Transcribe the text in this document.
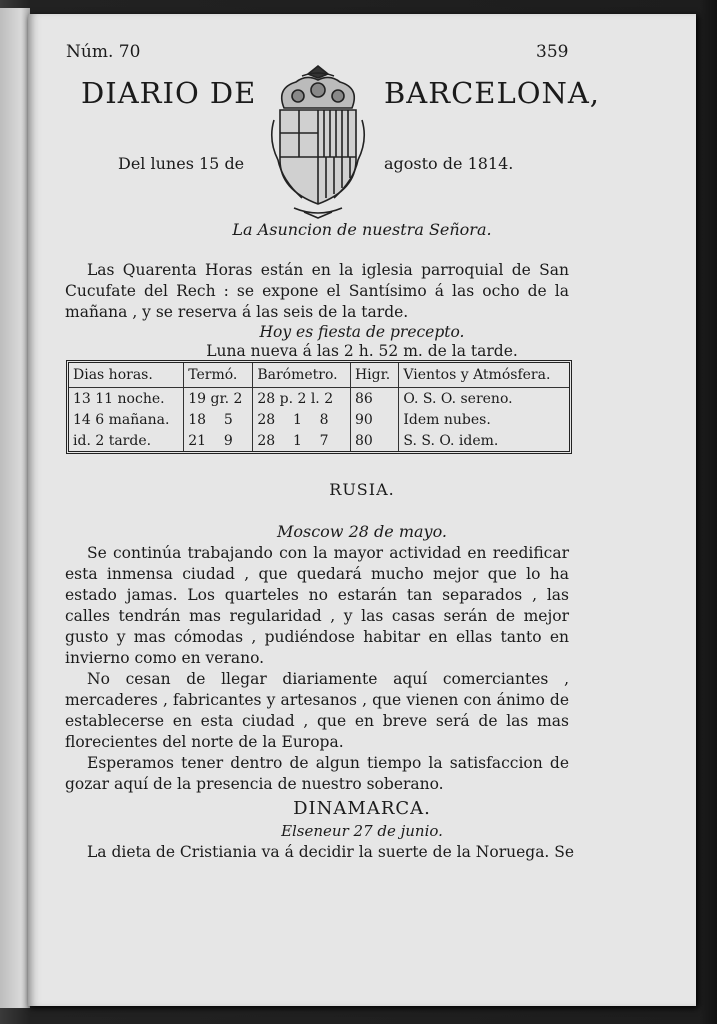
Núm. 70	359
DIARIO DE	BARCELONA,
Del lunes 15 de	agosto de 1814.
La Asuncion de nuestra Señora.

Las Quarenta Horas están en la iglesia parroquial de San Cucufate del Rech : se expone el Santísimo á las ocho de la mañana , y se reserva á las seis de la tarde.

Hoy es fiesta de precepto.
Luna nueva á las 2 h. 52 m. de la tarde.
Dias horas.	Termó.	Barómetro.	Higr.	Vientos y Atmósfera.
13 11 noche.	19 gr. 2	28 p. 2 l. 2	86	O. S. O. sereno.
14 6 mañana.	18    5	28    1    8	90	Idem nubes.
id. 2 tarde.	21    9	28    1    7	80	S. S. O. idem.
RUSIA.
Moscow 28 de mayo.

Se continúa trabajando con la mayor actividad en reedificar esta inmensa ciudad , que quedará mucho mejor que lo ha estado jamas. Los quarteles no estarán tan separados , las calles tendrán mas regularidad , y las casas serán de mejor gusto y mas cómodas , pudiéndose habitar en ellas tanto en invierno como en verano.

No cesan de llegar diariamente aquí comerciantes , mercaderes , fabricantes y artesanos , que vienen con ánimo de establecerse en esta ciudad , que en breve será de las mas florecientes del norte de la Europa.

Esperamos tener dentro de algun tiempo la satisfaccion de gozar aquí de la presencia de nuestro soberano.

DINAMARCA.
Elseneur 27 de junio.
La dieta de Cristiania va á decidir la suerte de la Noruega. Se
